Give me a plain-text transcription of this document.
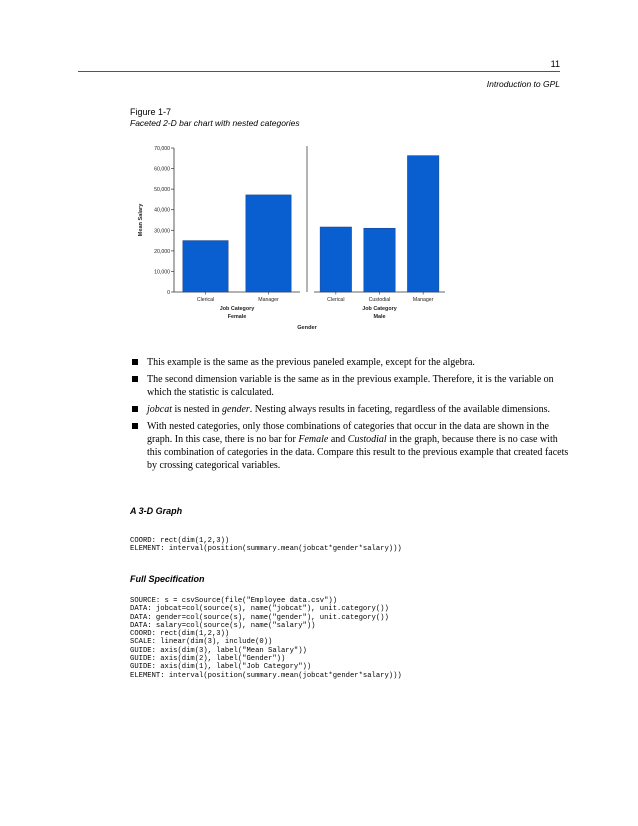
11
Introduction to GPL
Figure 1-7
Faceted 2-D bar chart with nested categories
0
10,000
20,000
30,000
40,000
50,000
60,000
70,000
Mean Salary
Clerical	Manager
Job Category
Female
Clerical	Custodial	Manager
Job Category
Male
Gender
This example is the same as the previous paneled example, except for the algebra.
The second dimension variable is the same as in the previous example. Therefore, it is the variable on which the statistic is calculated.
jobcat is nested in gender. Nesting always results in faceting, regardless of the available dimensions.
With nested categories, only those combinations of categories that occur in the data are shown in the graph. In this case, there is no bar for Female and Custodial in the graph, because there is no case with this combination of categories in the data. Compare this result to the previous example that created facets by crossing categorical variables.
A 3-D Graph
COORD: rect(dim(1,2,3))
ELEMENT: interval(position(summary.mean(jobcat*gender*salary)))
Full Specification
SOURCE: s = csvSource(file("Employee data.csv"))
DATA: jobcat=col(source(s), name("jobcat"), unit.category())
DATA: gender=col(source(s), name("gender"), unit.category())
DATA: salary=col(source(s), name("salary"))
COORD: rect(dim(1,2,3))
SCALE: linear(dim(3), include(0))
GUIDE: axis(dim(3), label("Mean Salary"))
GUIDE: axis(dim(2), label("Gender"))
GUIDE: axis(dim(1), label("Job Category"))
ELEMENT: interval(position(summary.mean(jobcat*gender*salary)))
